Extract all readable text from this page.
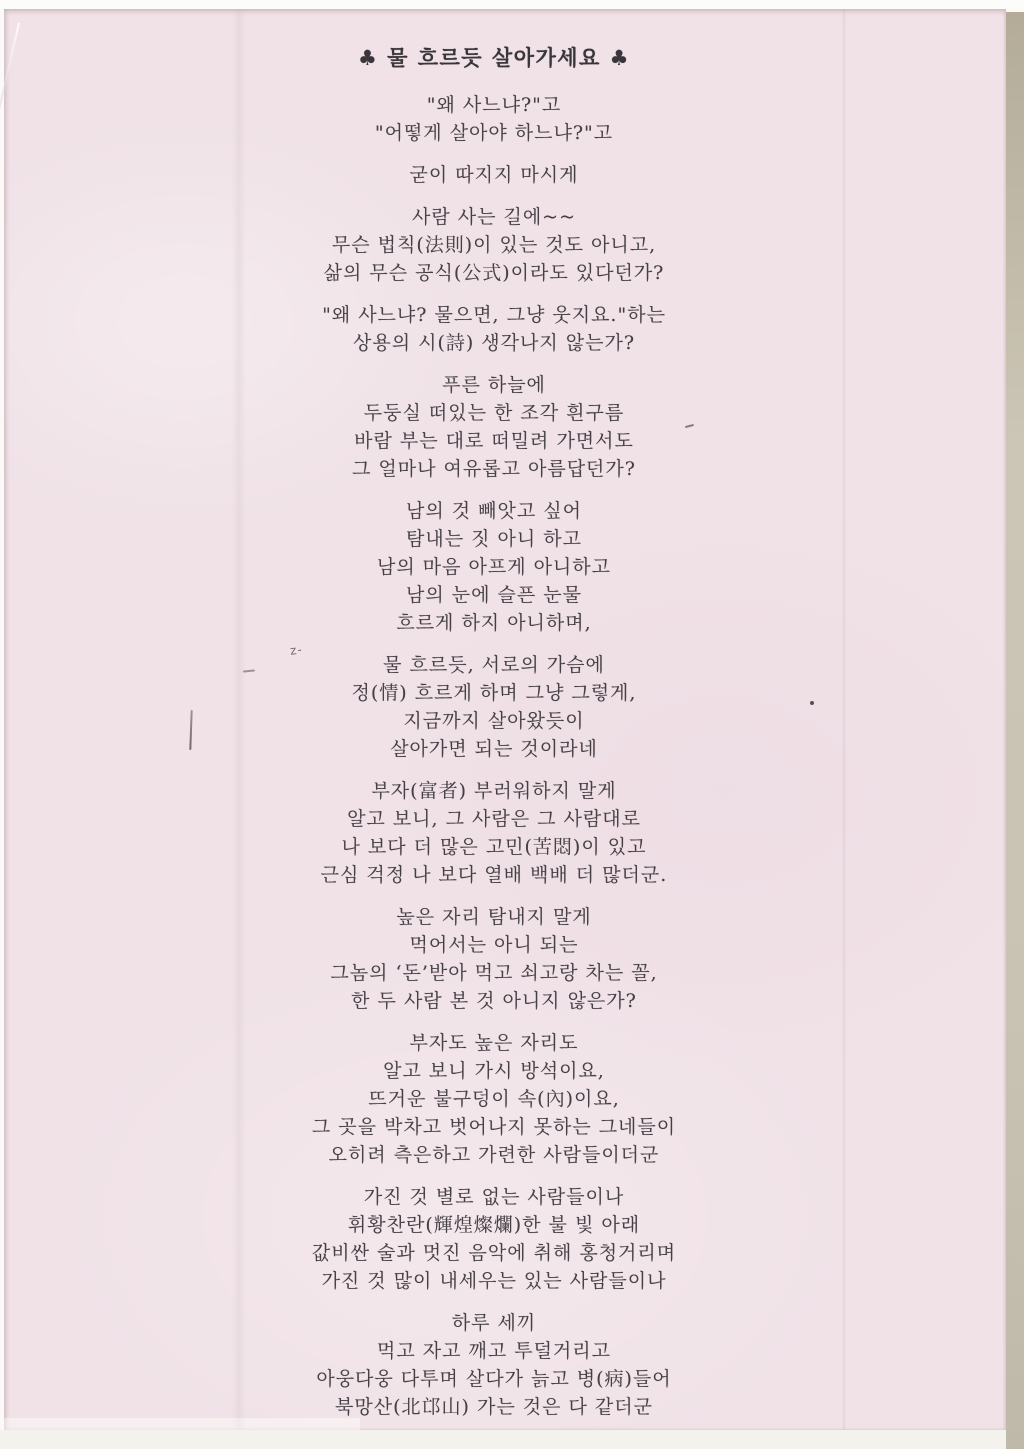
♣ 물 흐르듯 살아가세요 ♣

"왜 사느냐?"고

"어떻게 살아야 하느냐?"고

굳이 따지지 마시게

사람 사는 길에~~

무슨 법칙(法則)이 있는 것도 아니고,

삶의 무슨 공식(公式)이라도 있다던가?

"왜 사느냐? 물으면, 그냥 웃지요."하는

상용의 시(詩) 생각나지 않는가?

푸른 하늘에

두둥실 떠있는 한 조각 흰구름

바람 부는 대로 떠밀려 가면서도

그 얼마나 여유롭고 아름답던가?

남의 것 빼앗고 싶어

탐내는 짓 아니 하고

남의 마음 아프게 아니하고

남의 눈에 슬픈 눈물

흐르게 하지 아니하며,

물 흐르듯, 서로의 가슴에

정(情) 흐르게 하며 그냥 그렇게,

지금까지 살아왔듯이

살아가면 되는 것이라네

부자(富者) 부러워하지 말게

알고 보니, 그 사람은 그 사람대로

나 보다 더 많은 고민(苦悶)이 있고

근심 걱정 나 보다 열배 백배 더 많더군.

높은 자리 탐내지 말게

먹어서는 아니 되는

그놈의 ‘돈’받아 먹고 쇠고랑 차는 꼴,

한 두 사람 본 것 아니지 않은가?

부자도 높은 자리도

알고 보니 가시 방석이요,

뜨거운 불구덩이 속(內)이요,

그 곳을 박차고 벗어나지 못하는 그네들이

오히려 측은하고 가련한 사람들이더군

가진 것 별로 없는 사람들이나

휘황찬란(輝煌燦爛)한 불 빛 아래

값비싼 술과 멋진 음악에 취해 홍청거리며

가진 것 많이 내세우는 있는 사람들이나

하루 세끼

먹고 자고 깨고 투덜거리고

아웅다웅 다투며 살다가 늙고 병(病)들어

북망산(北邙山) 가는 것은 다 같더군

z-
